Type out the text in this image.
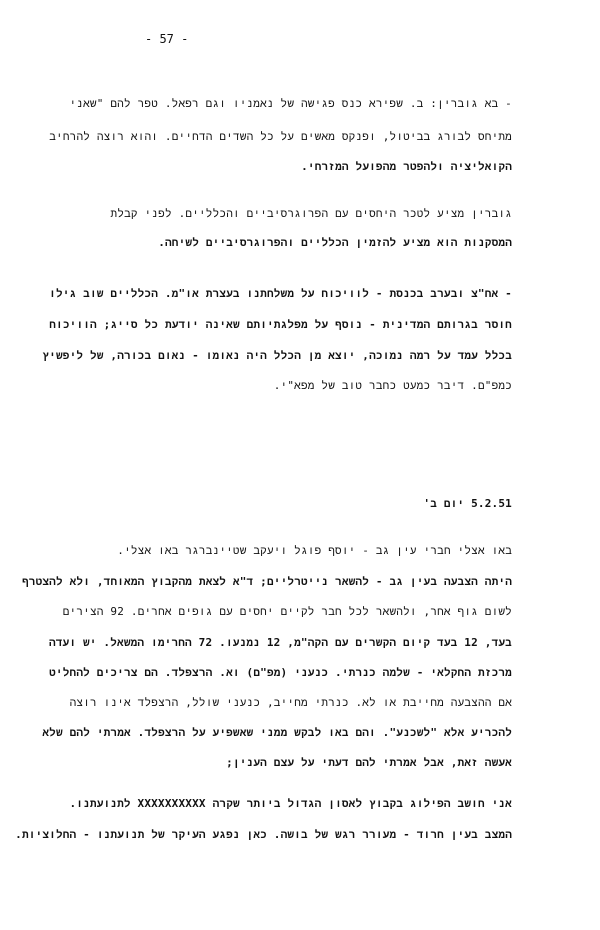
- 57 -
- בא גוברין: ב. שפירא כנס פגישה של נאמניו וגם רפאל. טפר להם "שאני
מתיחס לבורג בביטול, ופנקס מאשים על כל השדים הדחיים. והוא רוצה להרחיב
הקואליציה ולהפטר מהפועל המזרחי.
גוברין מציע לטכר היחסים עם הפרוגרסיביים והכלליים. לפני קבלת
המסקנות הוא מציע להזמין הכלליים והפרוגרסיביים לשיחה.
- אח"צ ובערב בכנסת - לוויכוח על משלחתנו בעצרת או"מ. הכלליים שוב גילו
חוסר בגרותם המדינית - נוסף על מפלגתיותם שאינה יודעת כל סייג; הוויכוח
בכלל עמד על רמה נמוכה, יוצא מן הכלל היה נאומו - נאום בכורה, של ליפשיץ
כמפ"ם. דיבר כמעט כחבר טוב של מפא"י.
5.2.51 יום ב'
באו אצלי חברי עין גב - יוסף פוגל ויעקב שטיינברגר באו אצלי.
היתה הצבעה בעין גב - להשאר נייטרליים; ד"א לצאת מהקבוץ המאוחד, ולא להצטרף
לשום גוף אחר, ולהשאר לכל חבר לקיים יחסים עם גופים אחרים. 92 הצירים
בעד, 12 בעד קיום הקשרים עם הקה"מ, 12 נמנעו. 72 החרימו המשאל. יש ועדה
מרכזת החקלאי - שלמה כנרתי. כנעני (מפ"ם) וא. הרצפלד. הם צריכים להחליט
אם ההצבעה מחייבת או לא. כנרתי מחייב, כנעני שולל, הרצפלד אינו רוצה
להכריע אלא "לשכנע". והם באו לבקש ממני שאשפיע על הרצפלד. אמרתי להם שלא
אעשה זאת, אבל אמרתי להם דעתי על עצם הענין;
אני חושב הפילוג בקבוץ לאסון הגדול ביותר שקרה XXXXXXXXXX לתנועתנו.
המצב בעין חרוד - מעורר רגש של בושה. כאן נפגע העיקר של תנועתנו - החלוציות.
